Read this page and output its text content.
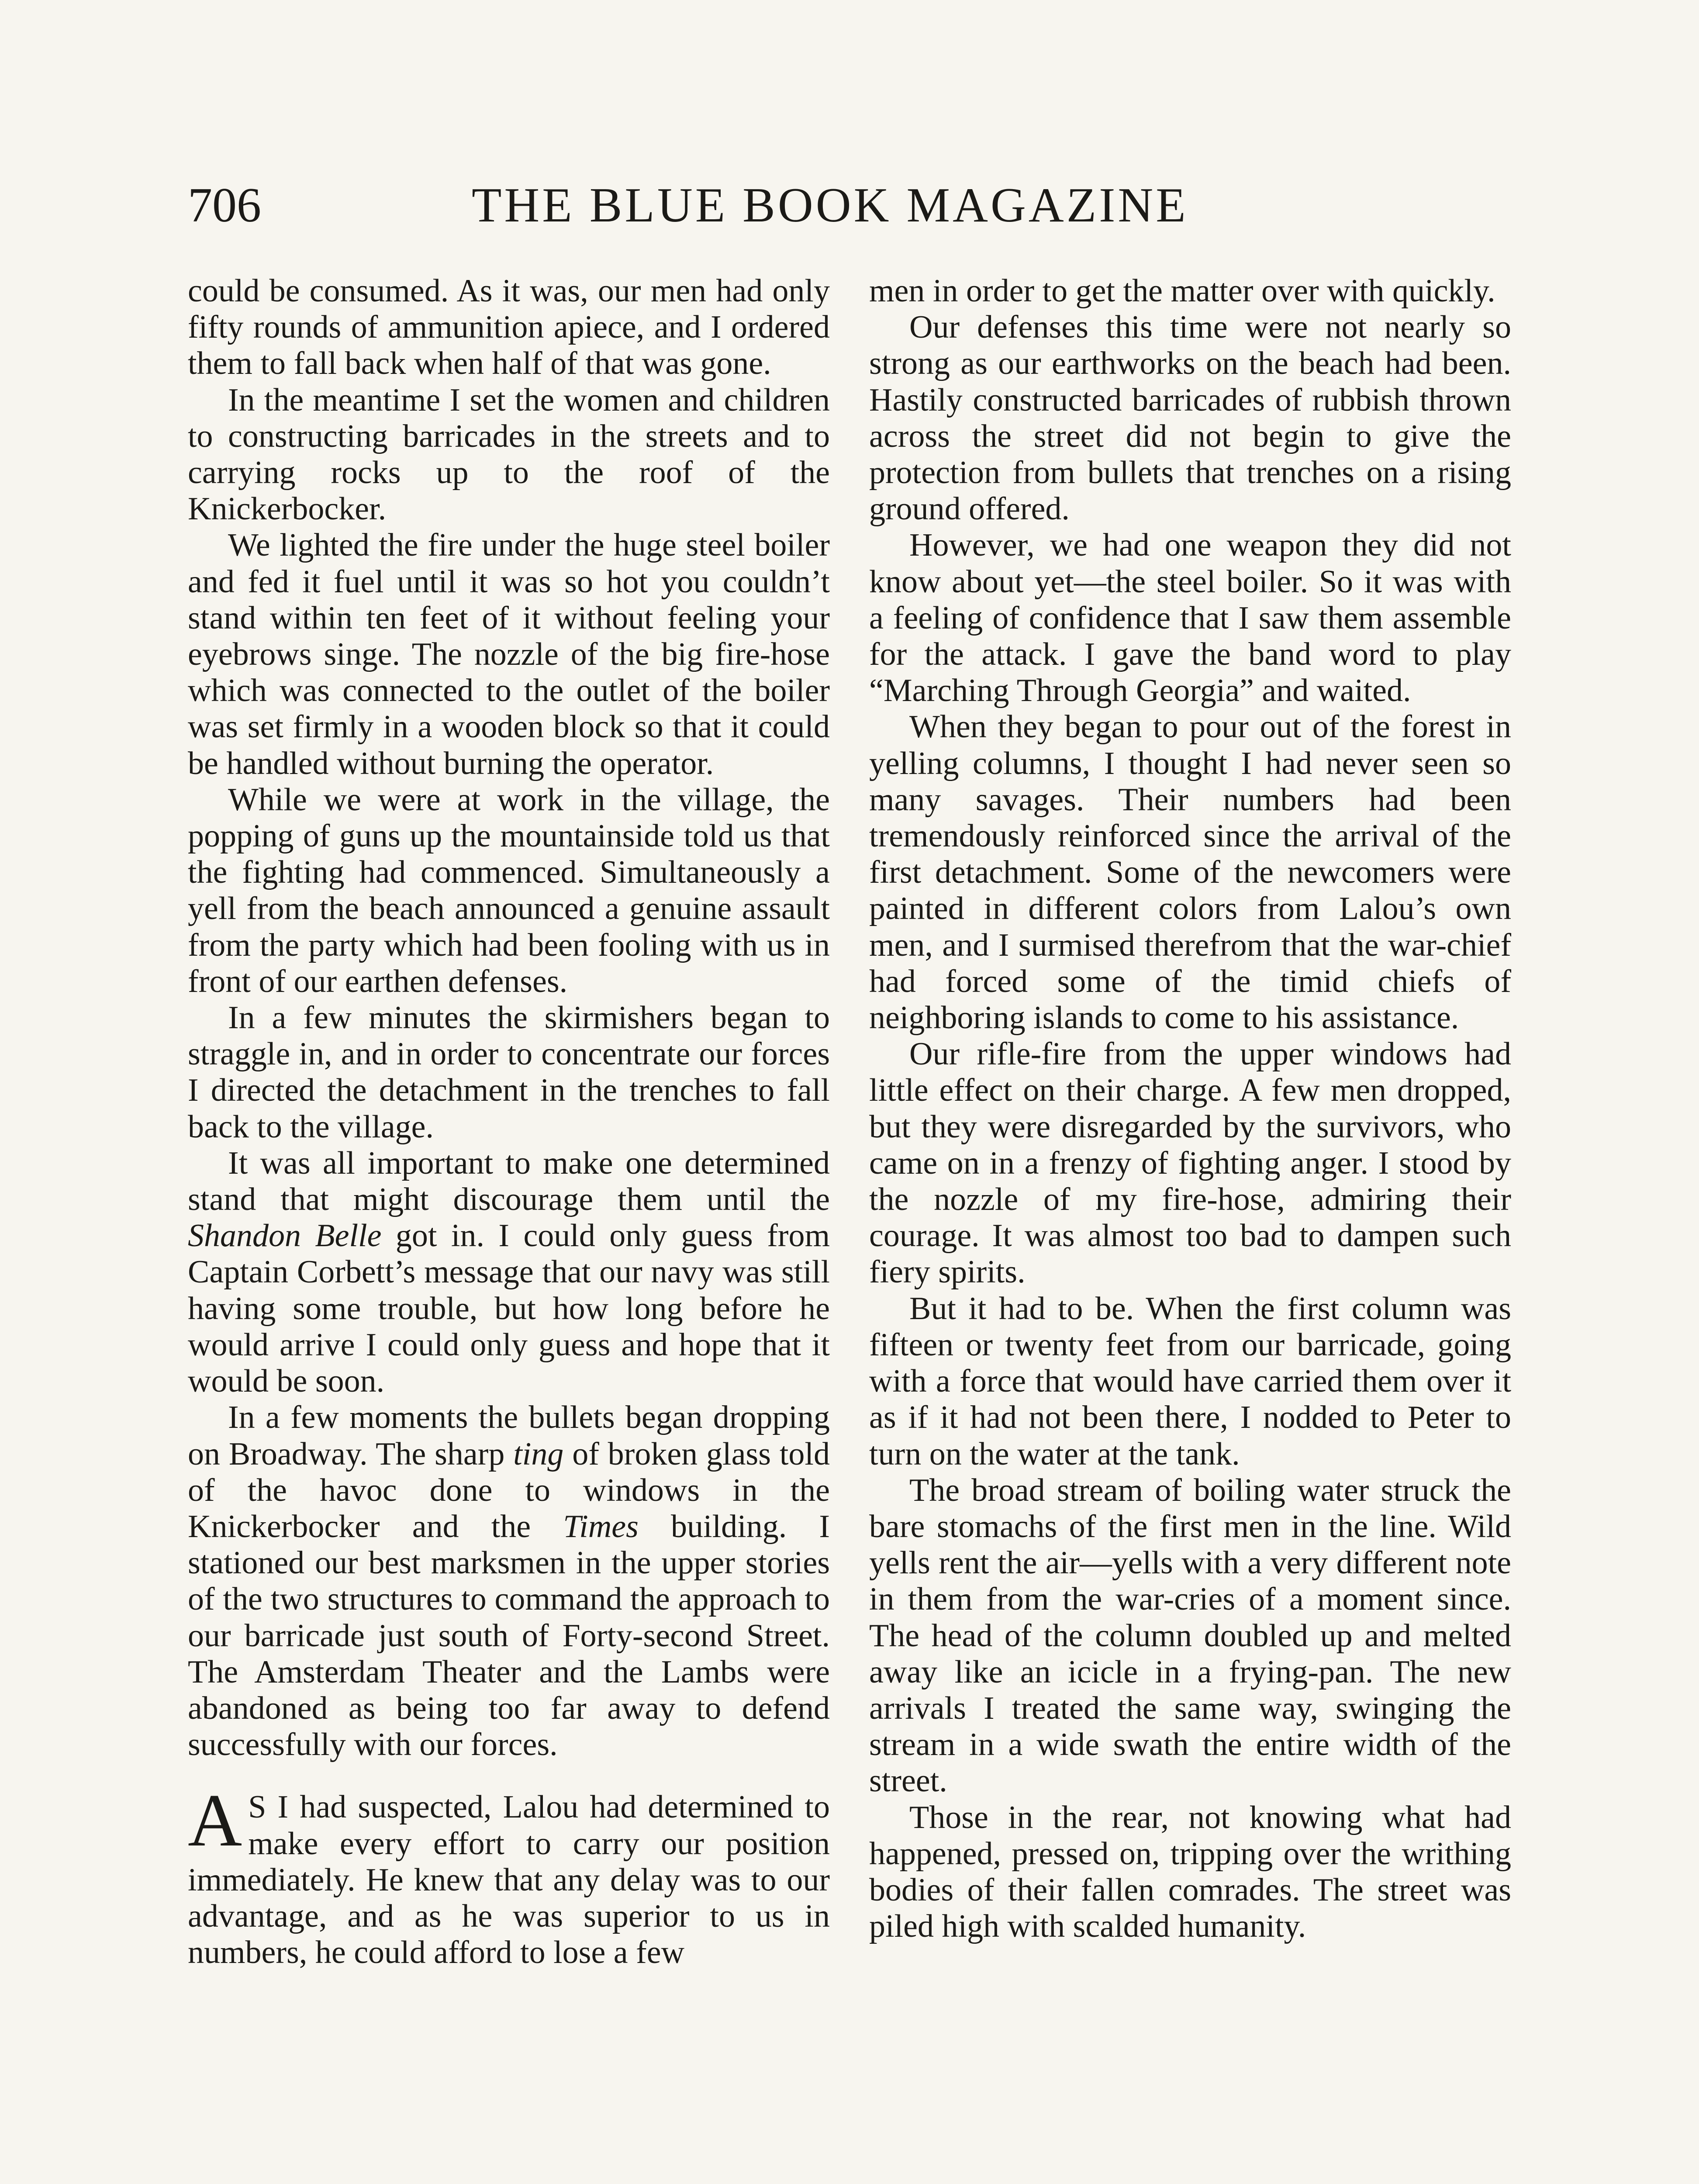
706	THE BLUE BOOK MAGAZINE

could be consumed. As it was, our men had only fifty rounds of ammunition apiece, and I ordered them to fall back when half of that was gone.

In the meantime I set the women and children to constructing barricades in the streets and to carrying rocks up to the roof of the Knickerbocker.

We lighted the fire under the huge steel boiler and fed it fuel until it was so hot you couldn’t stand within ten feet of it without feeling your eyebrows singe. The nozzle of the big fire-hose which was connected to the outlet of the boiler was set firmly in a wooden block so that it could be handled without burning the operator.

While we were at work in the village, the popping of guns up the mountainside told us that the fighting had commenced. Simultaneously a yell from the beach announced a genuine assault from the party which had been fooling with us in front of our earthen defenses.

In a few minutes the skirmishers began to straggle in, and in order to concentrate our forces I directed the detachment in the trenches to fall back to the village.

It was all important to make one determined stand that might discourage them until the Shandon Belle got in. I could only guess from Captain Corbett’s message that our navy was still having some trouble, but how long before he would arrive I could only guess and hope that it would be soon.

In a few moments the bullets began dropping on Broadway. The sharp ting of broken glass told of the havoc done to windows in the Knickerbocker and the Times building. I stationed our best marksmen in the upper stories of the two structures to command the approach to our barricade just south of Forty-second Street. The Amsterdam Theater and the Lambs were abandoned as being too far away to defend successfully with our forces.

A S I had suspected, Lalou had determined to make every effort to carry our position immediately. He knew that any delay was to our advantage, and as he was superior to us in numbers, he could afford to lose a few

men in order to get the matter over with quickly.

Our defenses this time were not nearly so strong as our earthworks on the beach had been. Hastily constructed barricades of rubbish thrown across the street did not begin to give the protection from bullets that trenches on a rising ground offered.

However, we had one weapon they did not know about yet—the steel boiler. So it was with a feeling of confidence that I saw them assemble for the attack. I gave the band word to play “Marching Through Georgia” and waited.

When they began to pour out of the forest in yelling columns, I thought I had never seen so many savages. Their numbers had been tremendously reinforced since the arrival of the first detachment. Some of the newcomers were painted in different colors from Lalou’s own men, and I surmised therefrom that the war-chief had forced some of the timid chiefs of neighboring islands to come to his assistance.

Our rifle-fire from the upper windows had little effect on their charge. A few men dropped, but they were disregarded by the survivors, who came on in a frenzy of fighting anger. I stood by the nozzle of my fire-hose, admiring their courage. It was almost too bad to dampen such fiery spirits.

But it had to be. When the first column was fifteen or twenty feet from our barricade, going with a force that would have carried them over it as if it had not been there, I nodded to Peter to turn on the water at the tank.

The broad stream of boiling water struck the bare stomachs of the first men in the line. Wild yells rent the air—yells with a very different note in them from the war-cries of a moment since. The head of the column doubled up and melted away like an icicle in a frying-pan. The new arrivals I treated the same way, swinging the stream in a wide swath the entire width of the street.

Those in the rear, not knowing what had happened, pressed on, tripping over the writhing bodies of their fallen comrades. The street was piled high with scalded humanity.
